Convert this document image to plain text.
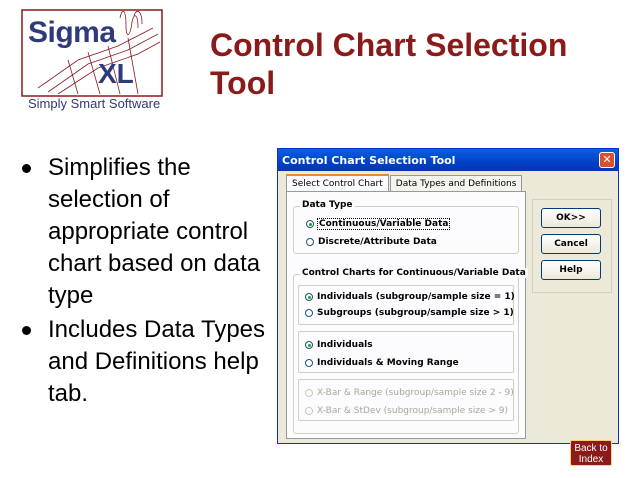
Sigma
XL
Simply Smart Software
Control Chart Selection Tool
Simplifies the selection of appropriate control chart based on data type
Includes Data Types and Definitions help tab.
Control Chart Selection Tool	✕
Select Control Chart	Data Types and Definitions
Data Type
Continuous/Variable Data
Discrete/Attribute Data
Control Charts for Continuous/Variable Data
Individuals (subgroup/sample size = 1)
Subgroups (subgroup/sample size > 1)
Individuals
Individuals & Moving Range
X-Bar & Range (subgroup/sample size 2 - 9)
X-Bar & StDev (subgroup/sample size > 9)
OK>>
Cancel
Help
Back to Index
